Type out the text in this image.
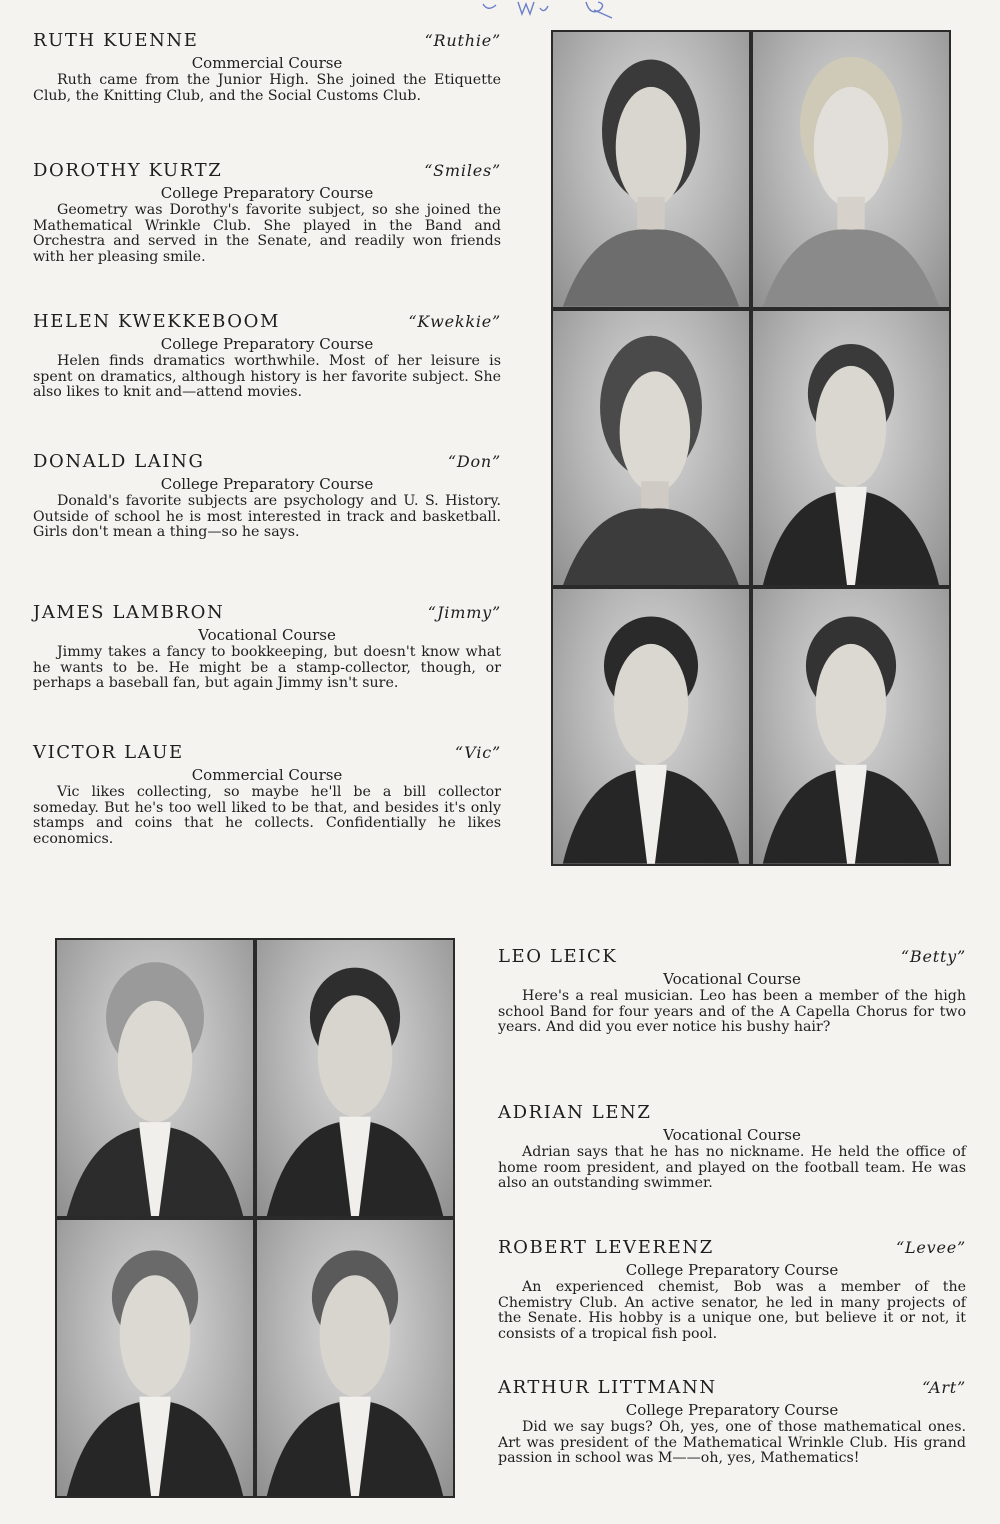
RUTH KUENNE	“Ruthie”
Commercial Course

Ruth came from the Junior High. She joined the Etiquette Club, the Knitting Club, and the Social Customs Club.

DOROTHY KURTZ	“Smiles”
College Preparatory Course

Geometry was Dorothy's favorite subject, so she joined the Mathematical Wrinkle Club. She played in the Band and Orchestra and served in the Senate, and readily won friends with her pleasing smile.

HELEN KWEKKEBOOM	“Kwekkie”
College Preparatory Course

Helen finds dramatics worthwhile. Most of her leisure is spent on dramatics, although history is her favorite subject. She also likes to knit and—attend movies.

DONALD LAING	“Don”
College Preparatory Course

Donald's favorite subjects are psychology and U. S. History. Outside of school he is most interested in track and basketball. Girls don't mean a thing—so he says.

JAMES LAMBRON	“Jimmy”
Vocational Course

Jimmy takes a fancy to bookkeeping, but doesn't know what he wants to be. He might be a stamp-collector, though, or perhaps a baseball fan, but again Jimmy isn't sure.

VICTOR LAUE	“Vic”
Commercial Course

Vic likes collecting, so maybe he'll be a bill collector someday. But he's too well liked to be that, and besides it's only stamps and coins that he collects. Confidentially he likes economics.

LEO LEICK	“Betty”
Vocational Course

Here's a real musician. Leo has been a member of the high school Band for four years and of the A Capella Chorus for two years. And did you ever notice his bushy hair?

ADRIAN LENZ
Vocational Course

Adrian says that he has no nickname. He held the office of home room president, and played on the football team. He was also an outstanding swimmer.

ROBERT LEVERENZ	“Levee”
College Preparatory Course

An experienced chemist, Bob was a member of the Chemistry Club. An active senator, he led in many projects of the Senate. His hobby is a unique one, but believe it or not, it consists of a tropical fish pool.

ARTHUR LITTMANN	“Art”
College Preparatory Course

Did we say bugs? Oh, yes, one of those mathematical ones. Art was president of the Mathematical Wrinkle Club. His grand passion in school was M——oh, yes, Mathematics!
